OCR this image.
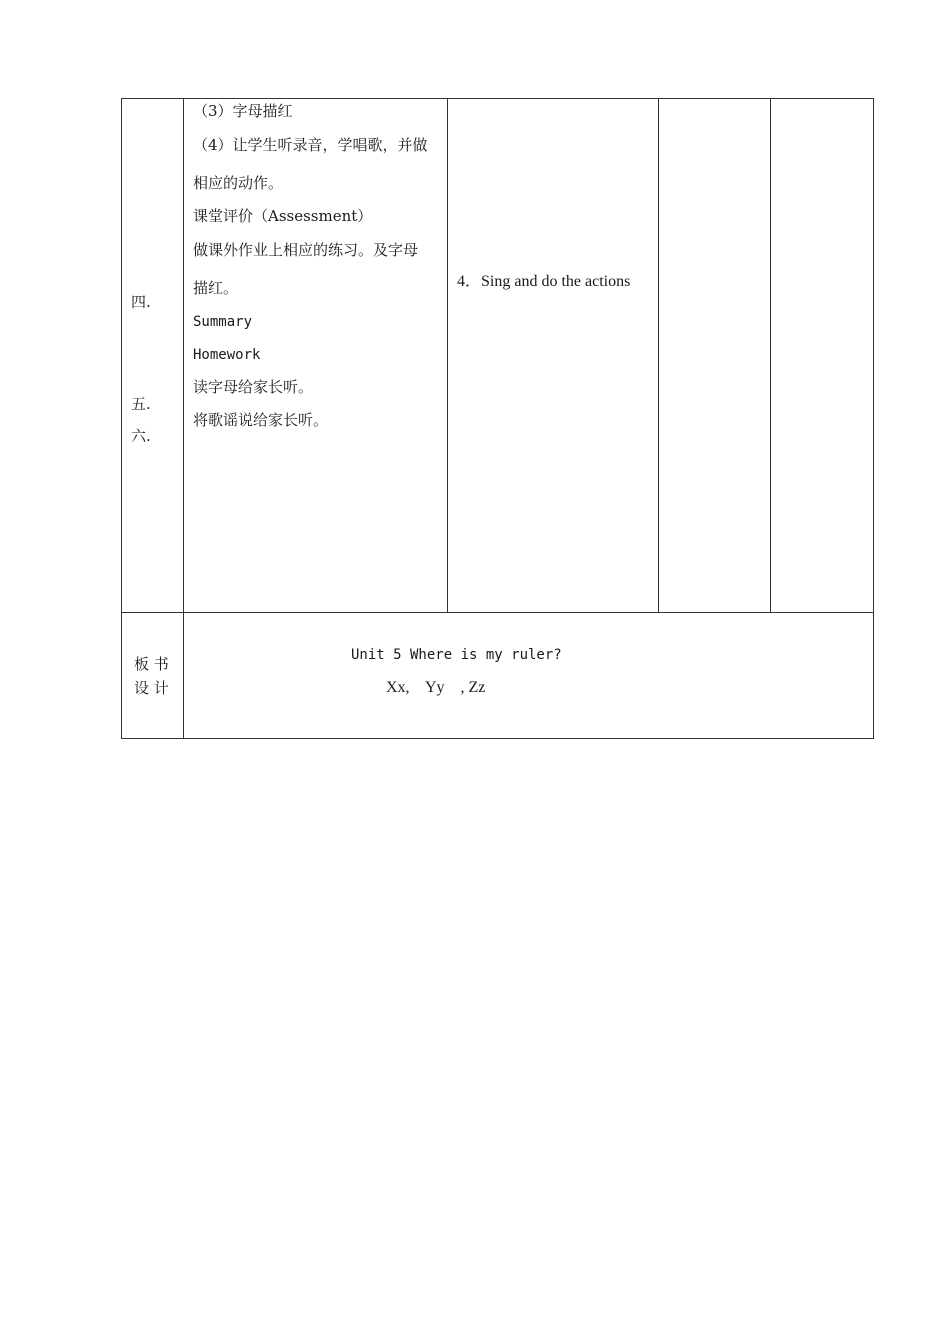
四.
五.
六.
（3）字母描红
（4）让学生听录音，学唱歌，并做
相应的动作。
课堂评价（Assessment）
做课外作业上相应的练习。及字母
描红。
Summary
Homework
读字母给家长听。
将歌谣说给家长听。
4．Sing and do the actions
板 书
设 计
Unit 5 Where is my ruler?
Xx,    Yy    , Zz
